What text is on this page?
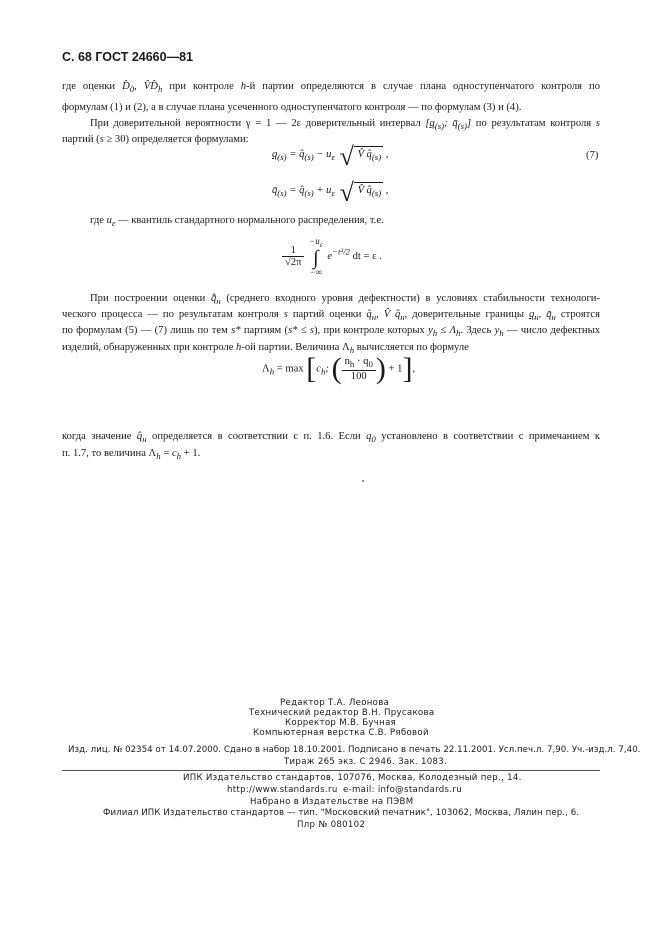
С. 68 ГОСТ 24660—81
где оценки $D̂_0$, $V̂D̂_h$ при контроле h-й партии определяются в случае плана одноступенчатого контроля по
формулам (1) и (2), а в случае плана усеченного одноступенчатого контроля — по формулам (3) и (4).
При доверительной вероятности γ = 1 — 2ε доверительный интервал [$q_{(s)}$; $q̄_{(s)}$] по результатам контроля s
партий (s ≥ 30) определяется формулами:
$q_{(s)}$ = $q̂_{(s)} - u_\varepsilon$ √ V̂ $q̂_{(s)}$ ,	(7)
$q̄_{(s)}$ = $q̂_{(s)} + u_\varepsilon$ √ V̂ $q̂_{(s)}$ ,
где $u_\varepsilon$ — квантиль стандартного нормального распределения, т.е.
$\frac{1}{√2\pi}$

$-u_\varepsilon$
∫
−∞
$e^{-t^2/2}$ dt = ε .
При построении оценки $q̄̂_н$ (среднего входного уровня дефектности) в условиях стабильности технологи-
ческого процесса — по результатам контроля s партий оценки $q̂_н$, V̂ $q̂_н$, доверительные границы $q_н$, $q̄_н$ строятся
по формулам (5) — (7) лишь по тем s* партиям (s* ≤ s), при контроле которых $y_h \le \Lambda_h$. Здесь $y_h$ — число дефектных
изделий, обнаруженных при контроле h-ой партии. Величина $\Lambda_h$ вычисляется по формуле
$\Lambda_h = \max [c_h$; ( $\frac{n_h \cdot q_0}{100}$ ) + 1],
когда значение $q̂_н$ определяется в соответствии с п. 1.6. Если $q_0$ установлено в соответствии с примечанием к
п. 1.7, то величина $\Lambda_h = c_h + 1$.
Редактор Т.А. Леонова
Технический редактор В.Н. Прусакова
Корректор М.В. Бучная
Компьютерная верстка С.В. Рябовой
Изд. лиц. № 02354 от 14.07.2000. Сдано в набор 18.10.2001. Подписано в печать 22.11.2001. Усл.печ.л. 7,90. Уч.-изд.л. 7,40.
Тираж 265 экз. С 2946. Зак. 1083.
ИПК Издательство стандартов, 107076, Москва, Колодезный пер., 14.
http://www.standards.ru e-mail: info@standards.ru
Набрано в Издательстве на ПЭВМ
Филиал ИПК Издательство стандартов — тип. "Московский печатник", 103062, Москва, Лялин пер., 6.
Плр № 080102
